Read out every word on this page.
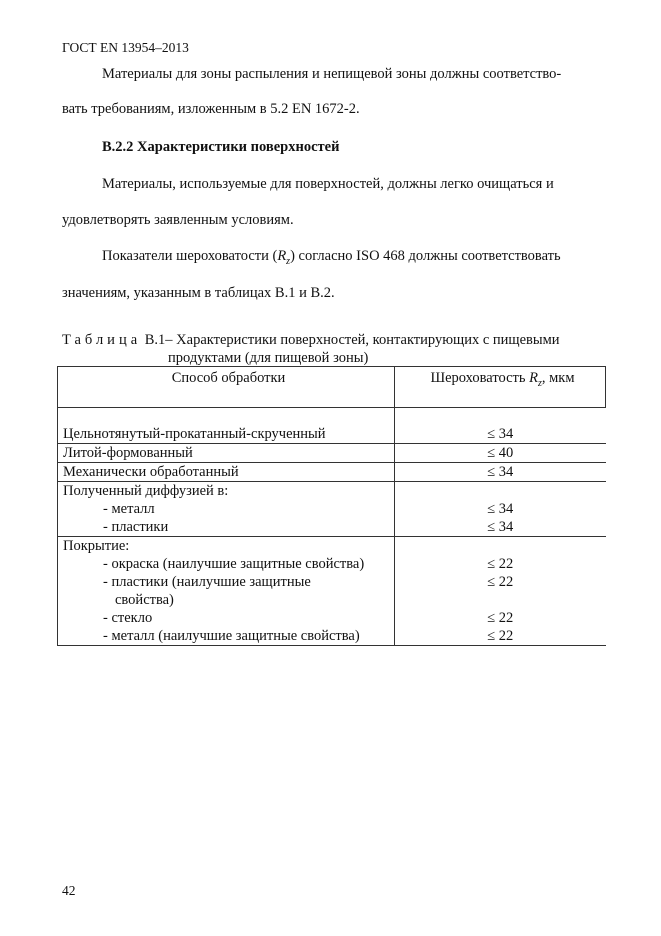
ГОСТ EN 13954–2013
Материалы для зоны распыления и непищевой зоны должны соответство-
вать требованиям, изложенным в 5.2 EN 1672-2.
В.2.2 Характеристики поверхностей
Материалы, используемые для поверхностей, должны легко очищаться и
удовлетворять заявленным условиям.
Показатели шероховатости $(R_z)$ согласно ISO 468 должны соответствовать
значениям, указанным в таблицах В.1 и В.2.
Таблица В.1– Характеристики поверхностей, контактирующих с пищевыми
продуктами (для пищевой зоны)
Способ обработки	Шероховатость $R_z$, мкм

Цельнотянутый-прокатанный-скрученный	≤ 34
Литой-формованный	≤ 40
Механически обработанный	≤ 34
Полученный диффузией в:	
- металл	≤ 34
- пластики	≤ 34
Покрытие:	
- окраска (наилучшие защитные свойства)	≤ 22
- пластики (наилучшие защитные	≤ 22
свойства)	
- стекло	≤ 22
- металл (наилучшие защитные свойства)	≤ 22
42
